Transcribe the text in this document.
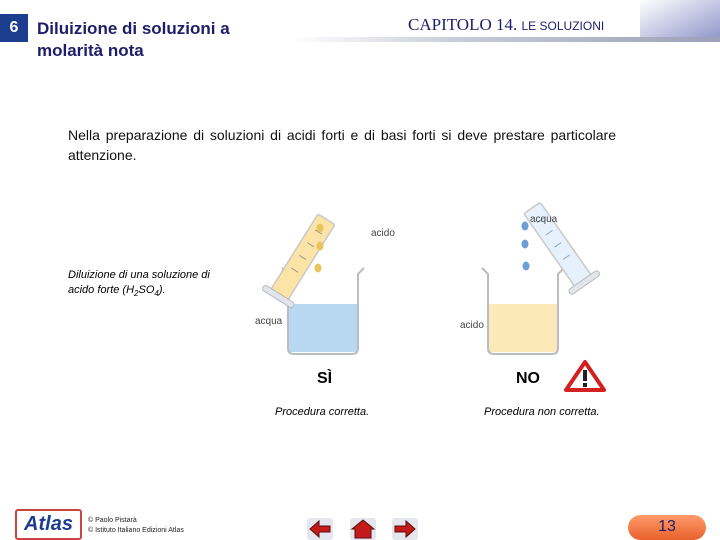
6	Diluizione di soluzioni a molarità nota
CAPITOLO 14. LE SOLUZIONI
Nella preparazione di soluzioni di acidi forti e di basi forti si deve prestare particolare attenzione.
Diluizione di una soluzione di acido forte $(H_2SO_4)$.
acido
acqua
acqua
acido
SÌ	NO
Procedura corretta.	Procedura non corretta.
Atlas	© Paolo Pistarà
© Istituto Italiano Edizioni Atlas	13
